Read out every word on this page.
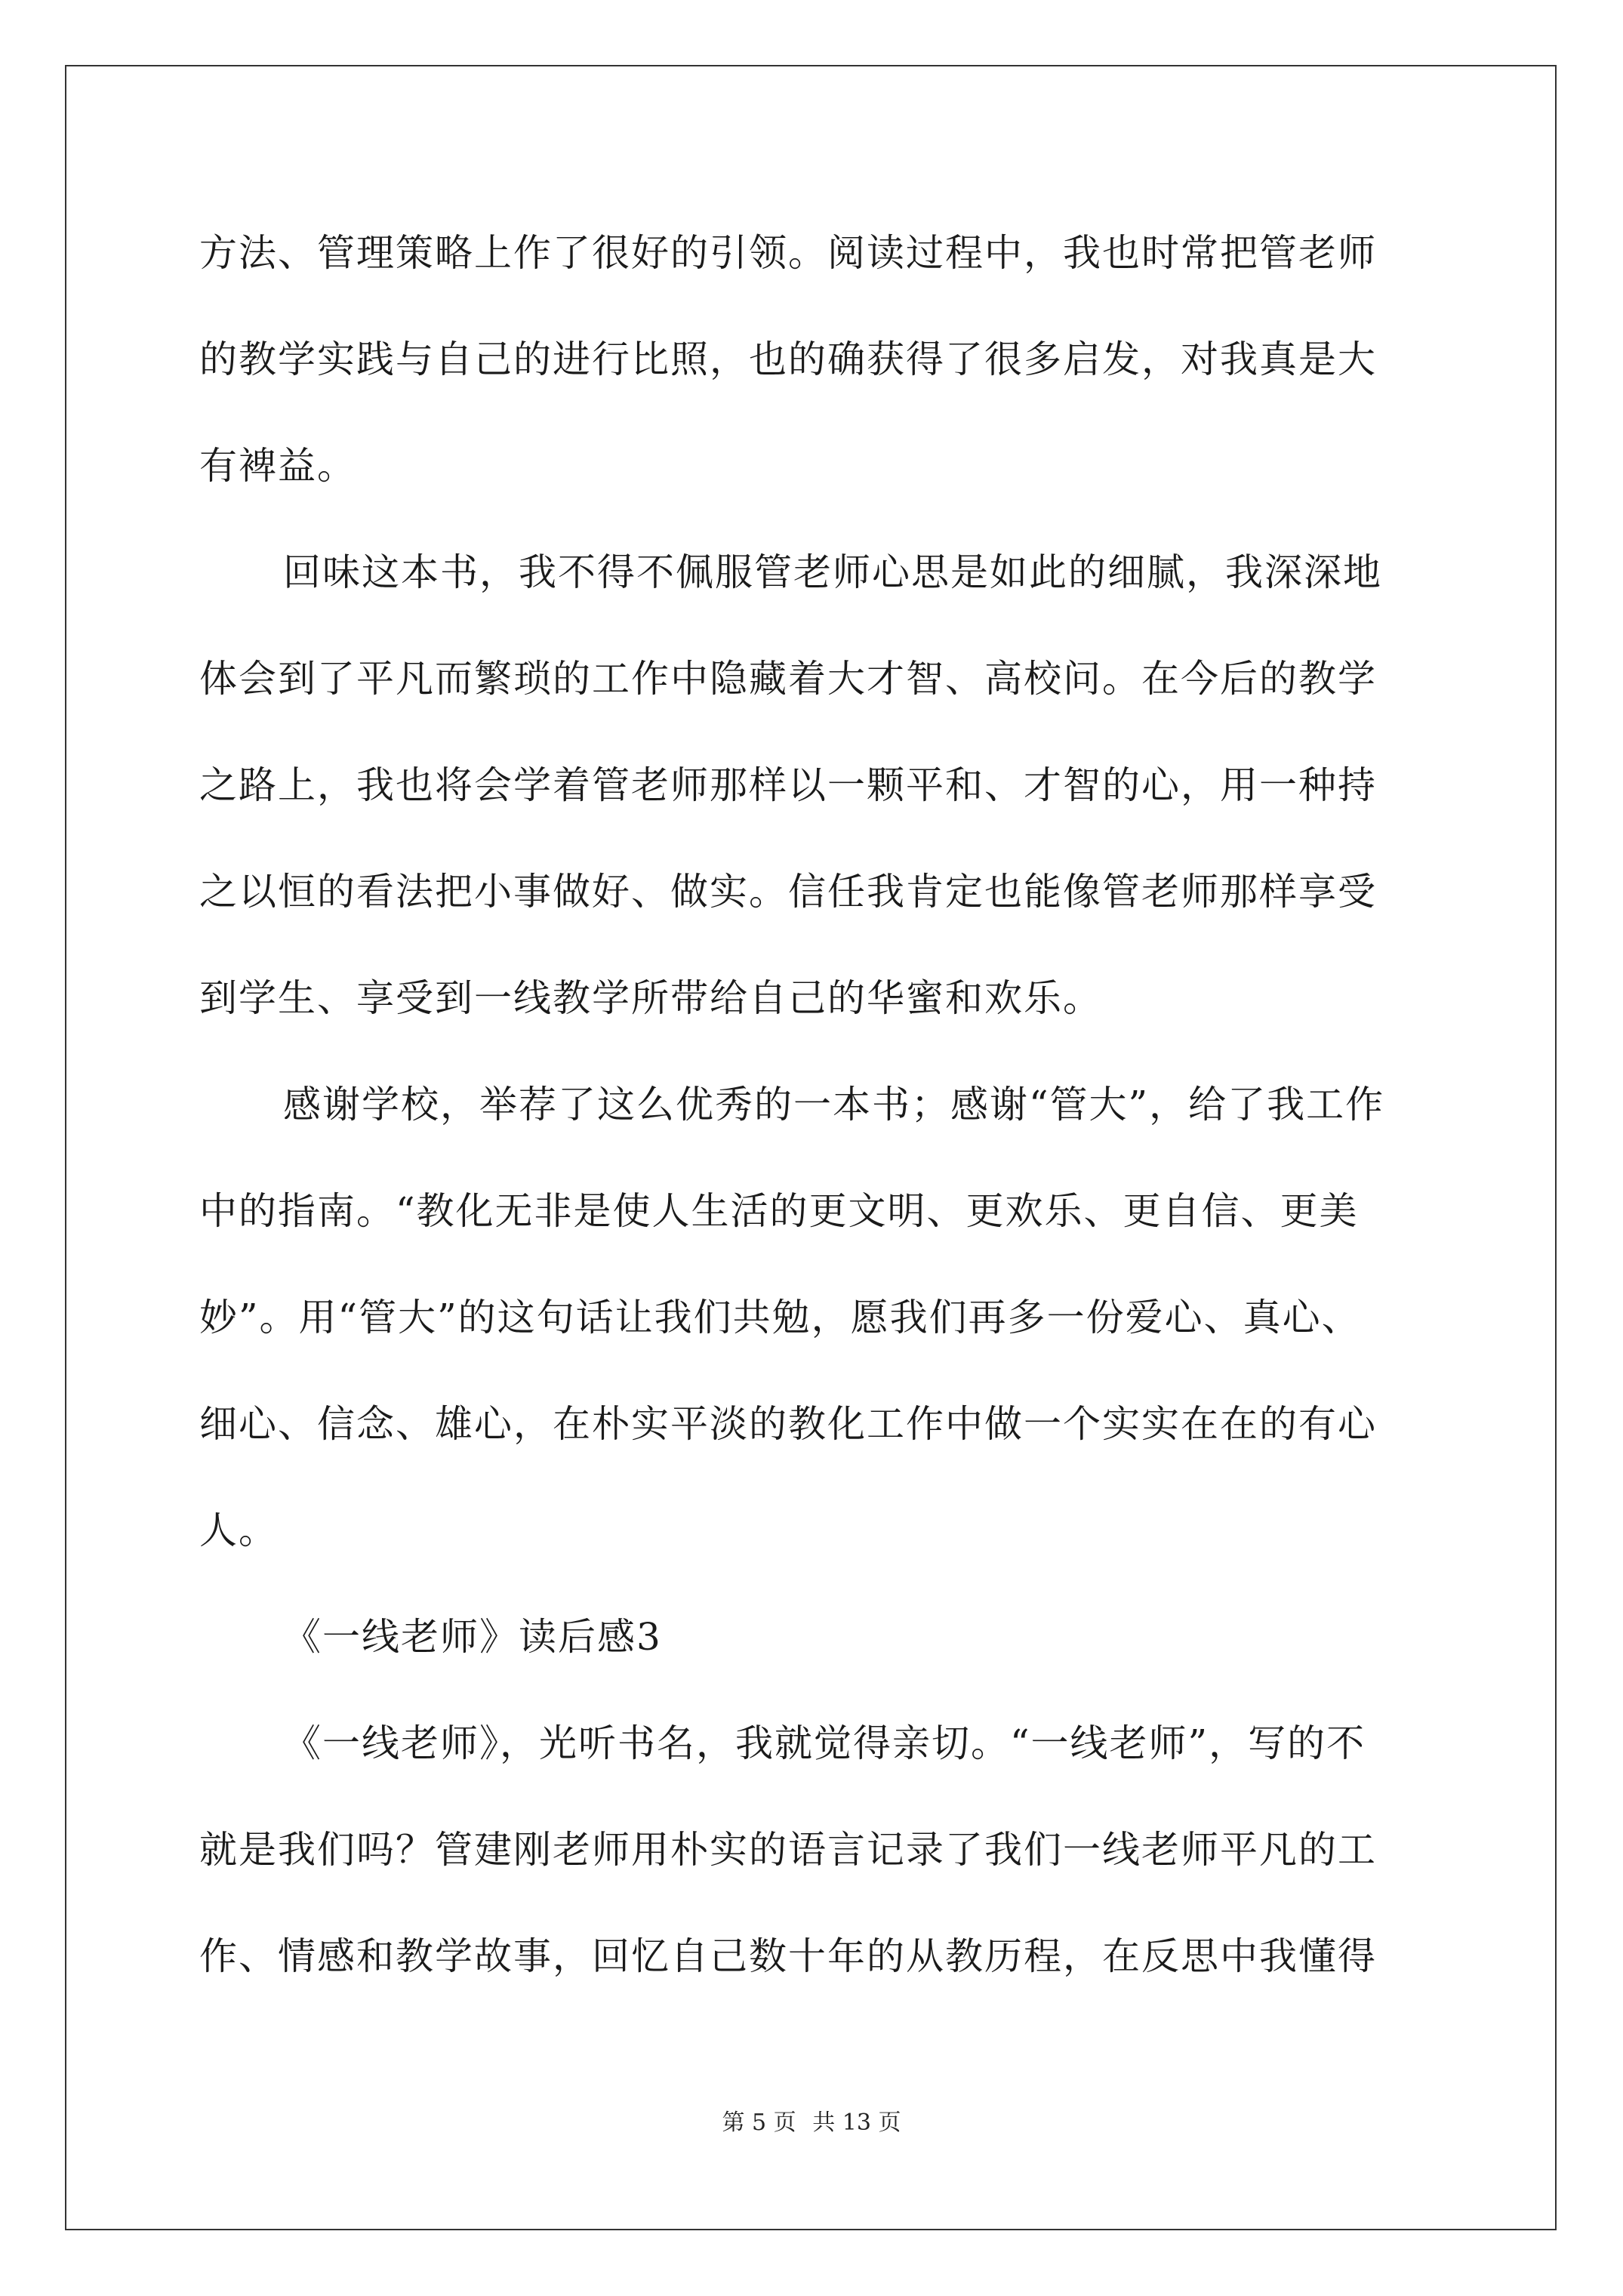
方法、管理策略上作了很好的引领。阅读过程中，我也时常把管老师
的教学实践与自己的进行比照，也的确获得了很多启发，对我真是大
有裨益。
回味这本书，我不得不佩服管老师心思是如此的细腻，我深深地
体会到了平凡而繁琐的工作中隐藏着大才智、高校问。在今后的教学
之路上，我也将会学着管老师那样以一颗平和、才智的心，用一种持
之以恒的看法把小事做好、做实。信任我肯定也能像管老师那样享受
到学生、享受到一线教学所带给自己的华蜜和欢乐。
感谢学校，举荐了这么优秀的一本书；感谢“管大”，给了我工作
中的指南。“教化无非是使人生活的更文明、更欢乐、更自信、更美
妙”。用“管大”的这句话让我们共勉，愿我们再多一份爱心、真心、
细心、信念、雄心，在朴实平淡的教化工作中做一个实实在在的有心
人。
《一线老师》读后感3
《一线老师》，光听书名，我就觉得亲切。“一线老师”，写的不
就是我们吗？管建刚老师用朴实的语言记录了我们一线老师平凡的工
作、情感和教学故事，回忆自己数十年的从教历程，在反思中我懂得
第 5 页 共 13 页
